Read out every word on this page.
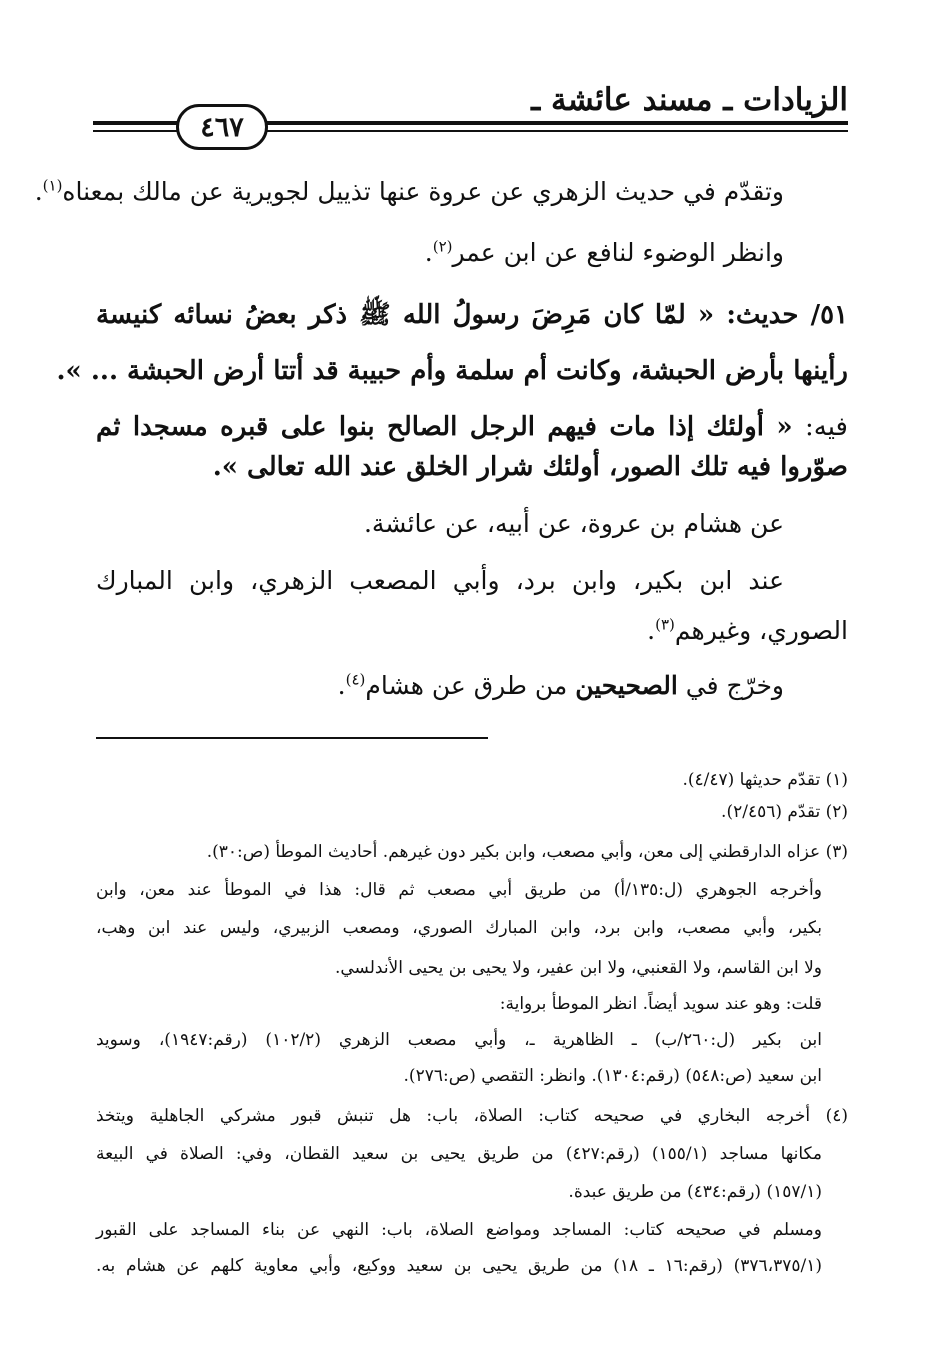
الزيادات ـ مسند عائشة ـ
٤٦٧
وتقدّم في حديث الزهري عن عروة عنها تذييل لجويرية عن مالك بمعناه$^{(١)}$.
وانظر الوضوء لنافع عن ابن عمر$^{(٢)}$.
٥١/ حديث: « لمّا كان مَرِضَ رسولُ الله ﷺ ذكر بعضُ نسائه كنيسة
رأينها بأرض الحبشة، وكانت أم سلمة وأم حبيبة قد أتتا أرض الحبشة ... ».
فيه: « أولئك إذا مات فيهم الرجل الصالح بنوا على قبره مسجدا ثم
صوّروا فيه تلك الصور، أولئك شرار الخلق عند الله تعالى ».
عن هشام بن عروة، عن أبيه، عن عائشة.
عند ابن بكير، وابن برد، وأبي المصعب الزهري، وابن المبارك
الصوري، وغيرهم$^{(٣)}$.
وخرّج في الصحيحين من طرق عن هشام$^{(٤)}$.
(١) تقدّم حديثها (٤/٤٧).
(٢) تقدّم (٢/٤٥٦).
(٣) عزاه الدارقطني إلى معن، وأبي مصعب، وابن بكير دون غيرهم. أحاديث الموطأ (ص:٣٠).
وأخرجه الجوهري (ل:١٣٥/أ) من طريق أبي مصعب ثم قال: هذا في الموطأ عند معن، وابن
بكير، وأبي مصعب، وابن برد، وابن المبارك الصوري، ومصعب الزبيري، وليس عند ابن وهب،
ولا ابن القاسم، ولا القعنبي، ولا ابن عفير، ولا يحيى بن يحيى الأندلسي.
قلت: وهو عند سويد أيضاً. انظر الموطأ برواية:
ابن بكير (ل:٢٦٠/ب) ـ الظاهرية ـ، وأبي مصعب الزهري (١٠٢/٢) (رقم:١٩٤٧)، وسويد
ابن سعيد (ص:٥٤٨) (رقم:١٣٠٤). وانظر: التقصي (ص:٢٧٦).
(٤) أخرجه البخاري في صحيحه كتاب: الصلاة، باب: هل تنبش قبور مشركي الجاهلية ويتخذ
مكانها مساجد (١٥٥/١) (رقم:٤٢٧) من طريق يحيى بن سعيد القطان، وفي: الصلاة في البيعة
(١٥٧/١) (رقم:٤٣٤) من طريق عبدة.
ومسلم في صحيحه كتاب: المساجد ومواضع الصلاة، باب: النهي عن بناء المساجد على القبور
(٣٧٦،٣٧٥/١) (رقم:١٦ ـ ١٨) من طريق يحيى بن سعيد ووكيع، وأبي معاوية كلهم عن هشام به.
